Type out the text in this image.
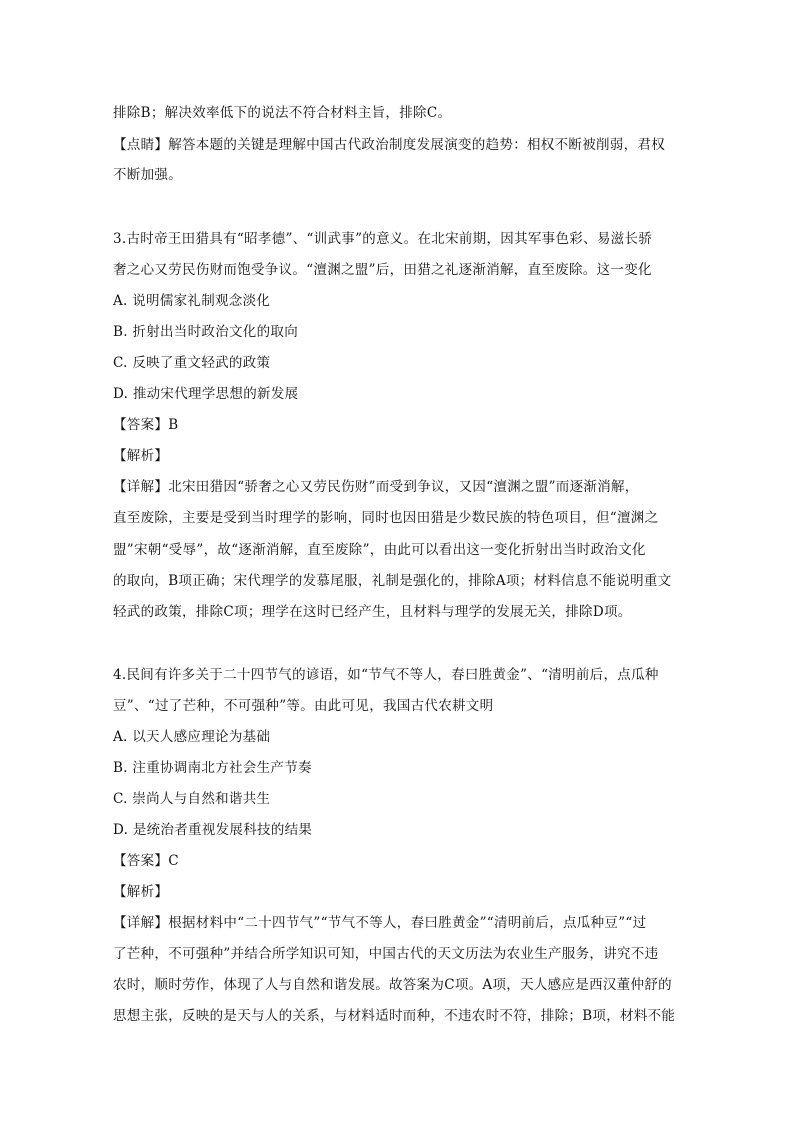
排除B；解决效率低下的说法不符合材料主旨，排除C。
【点睛】解答本题的关键是理解中国古代政治制度发展演变的趋势：相权不断被削弱，君权
不断加强。
3.古时帝王田猎具有“昭孝德”、“训武事”的意义。在北宋前期，因其军事色彩、易滋长骄
奢之心又劳民伤财而饱受争议。“澶渊之盟”后，田猎之礼逐渐消解，直至废除。这一变化
A. 说明儒家礼制观念淡化
B. 折射出当时政治文化的取向
C. 反映了重文轻武的政策
D. 推动宋代理学思想的新发展
【答案】B
【解析】
【详解】北宋田猎因“骄奢之心又劳民伤财”而受到争议，又因“澶渊之盟”而逐渐消解，
直至废除，主要是受到当时理学的影响，同时也因田猎是少数民族的特色项目，但“澶渊之
盟”宋朝“受辱”，故“逐渐消解，直至废除”，由此可以看出这一变化折射出当时政治文化
的取向，B项正确；宋代理学的发慕尾服，礼制是强化的，排除A项；材料信息不能说明重文
轻武的政策，排除C项；理学在这时已经产生，且材料与理学的发展无关，排除D项。
4.民间有许多关于二十四节气的谚语，如“节气不等人，春曰胜黄金”、“清明前后，点瓜种
豆”、“过了芒种，不可强种”等。由此可见，我国古代农耕文明
A. 以天人感应理论为基础
B. 注重协调南北方社会生产节奏
C. 崇尚人与自然和谐共生
D. 是统治者重视发展科技的结果
【答案】C
【解析】
【详解】根据材料中“二十四节气”“节气不等人，春曰胜黄金”“清明前后，点瓜种豆”“过
了芒种，不可强种”并结合所学知识可知，中国古代的天文历法为农业生产服务，讲究不违
农时，顺时劳作，体现了人与自然和谐发展。故答案为C项。A项，天人感应是西汉董仲舒的
思想主张，反映的是天与人的关系，与材料适时而种，不违农时不符，排除；B项，材料不能
